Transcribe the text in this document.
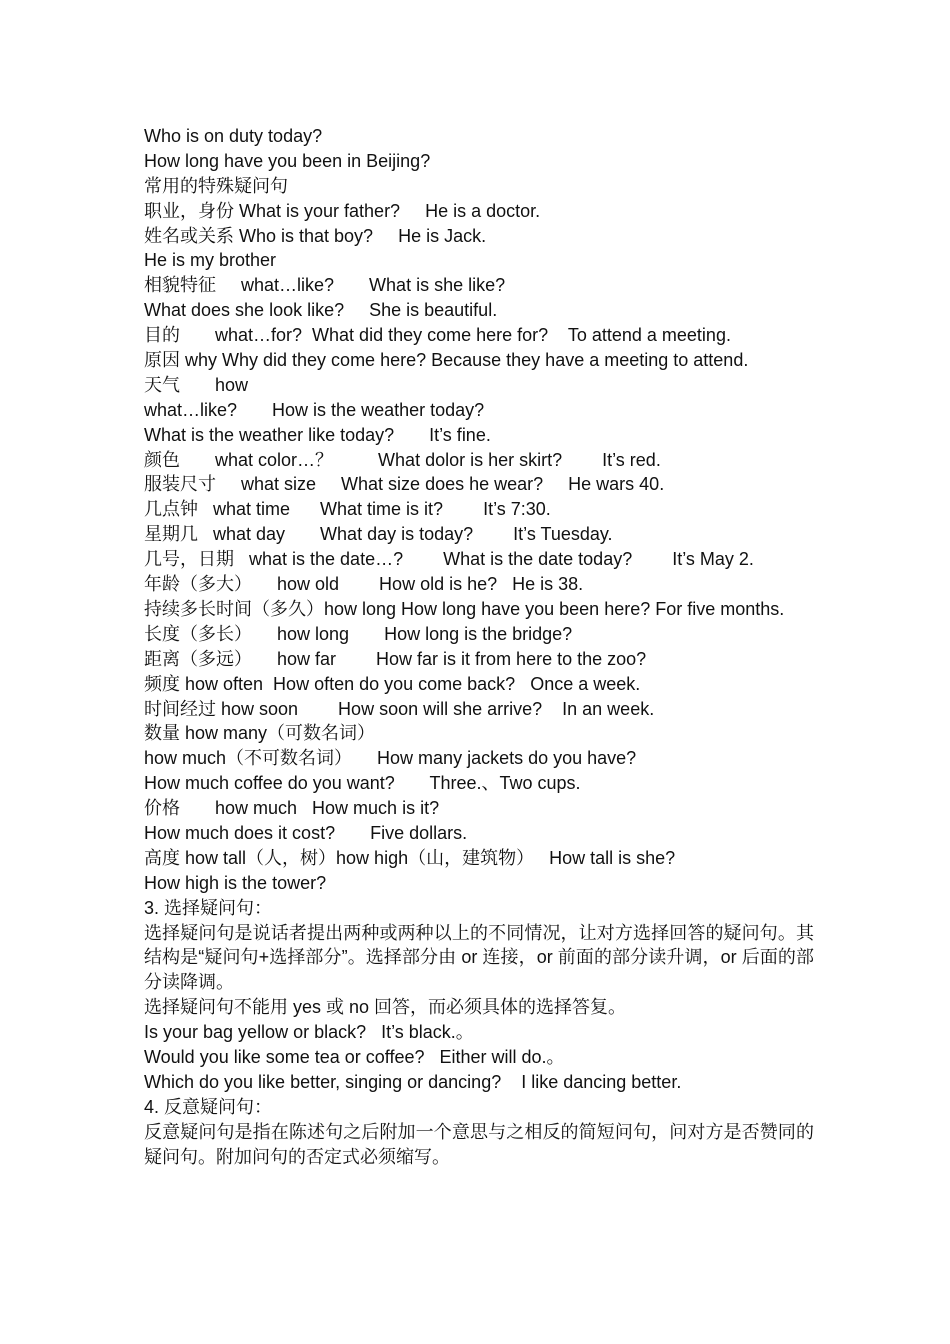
Who is on duty today?
How long have you been in Beijing?
常用的特殊疑问句
职业，身份 What is your father?     He is a doctor.
姓名或关系 Who is that boy?     He is Jack.
He is my brother
相貌特征     what…like?       What is she like?
What does she look like?     She is beautiful.
目的       what…for?  What did they come here for?    To attend a meeting.
原因 why Why did they come here? Because they have a meeting to attend.
天气       how
what…like?       How is the weather today?
What is the weather like today?       It’s fine.
颜色       what color…？         What dolor is her skirt?        It’s red.
服装尺寸     what size     What size does he wear?     He wars 40.
几点钟   what time      What time is it?        It’s 7:30.
星期几   what day       What day is today?        It’s Tuesday.
几号，日期   what is the date…?        What is the date today?        It’s May 2.
年龄（多大）     how old        How old is he?   He is 38.
持续多长时间（多久）how long How long have you been here? For five months.
长度（多长）     how long       How long is the bridge?
距离（多远）     how far        How far is it from here to the zoo?
频度 how often  How often do you come back?   Once a week.
时间经过 how soon        How soon will she arrive?    In an week.
数量 how many（可数名词）
how much（不可数名词）     How many jackets do you have?
How much coffee do you want?       Three.、Two cups.
价格       how much   How much is it?
How much does it cost?       Five dollars.
高度 how tall（人，树）how high（山，建筑物）   How tall is she?
How high is the tower?
3. 选择疑问句：
选择疑问句是说话者提出两种或两种以上的不同情况，让对方选择回答的疑问句。其结构是“疑问句+选择部分”。选择部分由 or 连接，or 前面的部分读升调，or 后面的部分读降调。
选择疑问句不能用 yes 或 no 回答，而必须具体的选择答复。
Is your bag yellow or black?   It’s black.。
Would you like some tea or coffee?   Either will do.。
Which do you like better, singing or dancing?    I like dancing better.
4. 反意疑问句：
反意疑问句是指在陈述句之后附加一个意思与之相反的简短问句，问对方是否赞同的疑问句。附加问句的否定式必须缩写。
